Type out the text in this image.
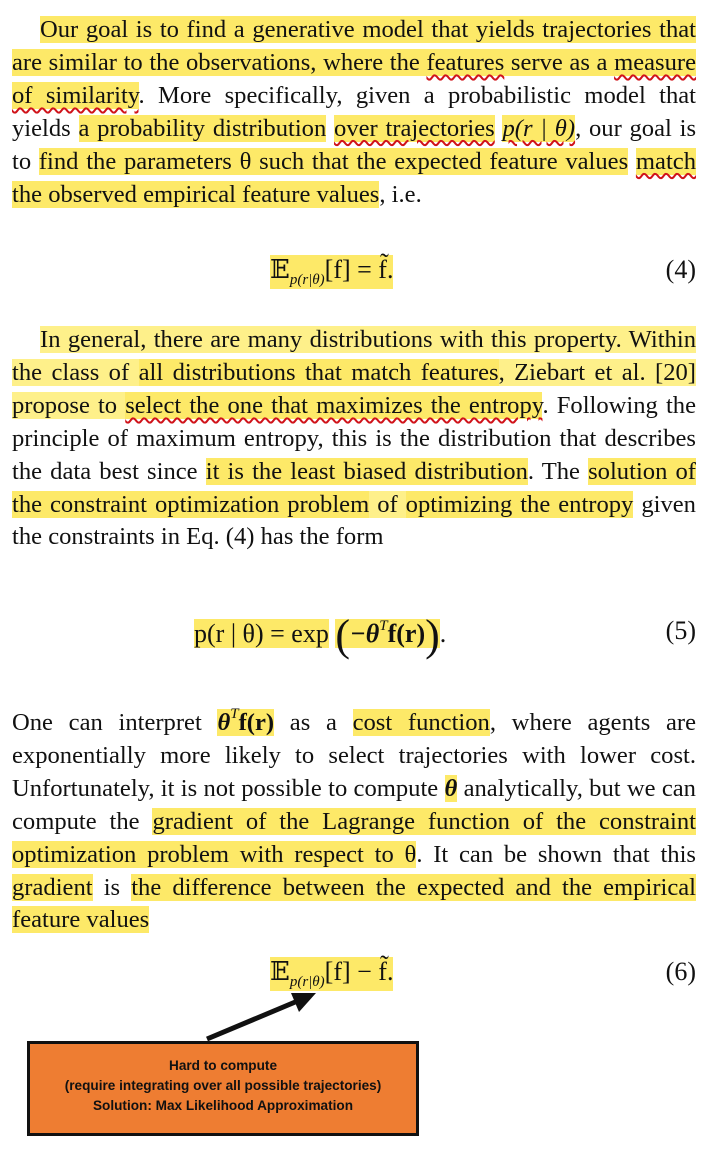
Our goal is to find a generative model that yields trajectories that are similar to the observations, where the features serve as a measure of similarity. More specifically, given a probabilistic model that yields a probability distribution over trajectories p(r | θ), our goal is to find the parameters θ such that the expected feature values match the observed empirical feature values, i.e.

𝔼$_{p(r|\theta)}$[f] = f̃.	(4)

In general, there are many distributions with this property. Within the class of all distributions that match features, Ziebart et al. [20] propose to select the one that maximizes the entropy. Following the principle of maximum entropy, this is the distribution that describes the data best since it is the least biased distribution. The solution of the constraint optimization problem of optimizing the entropy given the constraints in Eq. (4) has the form

p(r | $\theta) = \exp (-\theta^Tf(r))$.	(5)

One can interpret $\theta^Tf(r)$ as a cost function, where agents are exponentially more likely to select trajectories with lower cost. Unfortunately, it is not possible to compute θ analytically, but we can compute the gradient of the Lagrange function of the constraint optimization problem with respect to θ. It can be shown that this gradient is the difference between the expected and the empirical feature values

𝔼$_{p(r|\theta)}$[f] − f̃.	(6)
Hard to compute
(require integrating over all possible trajectories)
Solution: Max Likelihood Approximation
